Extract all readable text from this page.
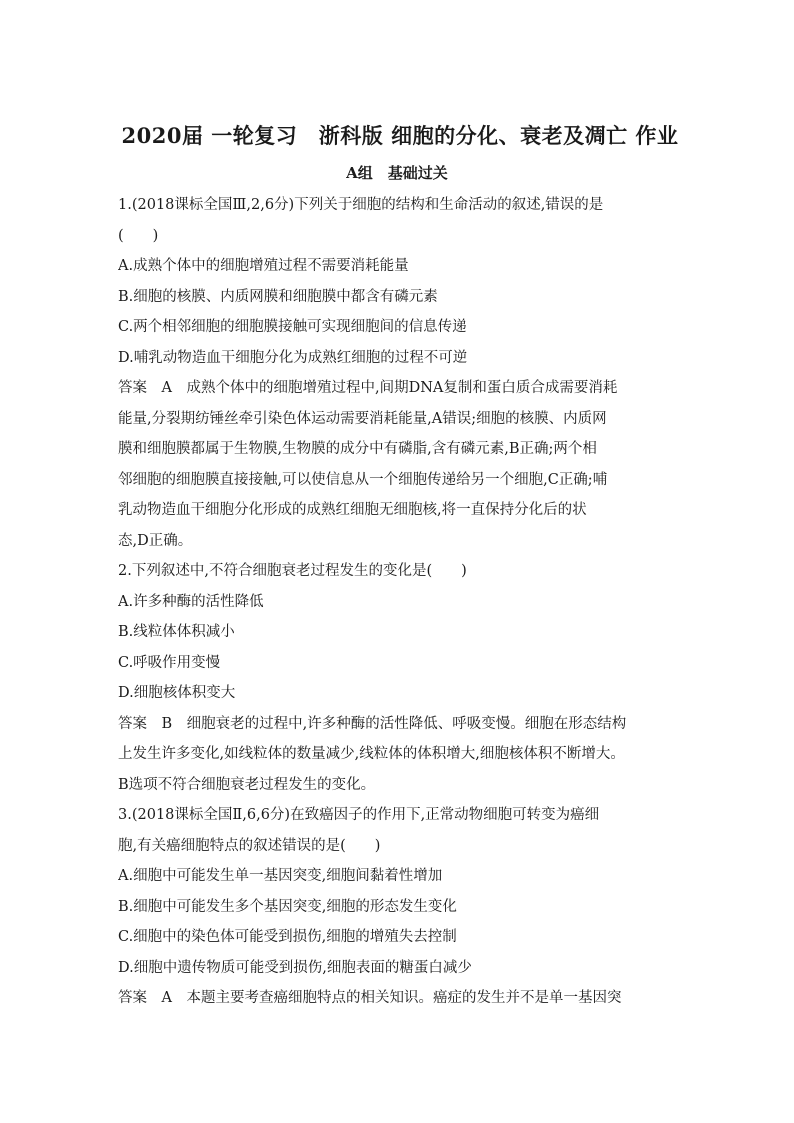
2020届 一轮复习　浙科版 细胞的分化、衰老及凋亡 作业
A组　基础过关
1.(2018课标全国Ⅲ,2,6分)下列关于细胞的结构和生命活动的叙述,错误的是
(　　)
A.成熟个体中的细胞增殖过程不需要消耗能量
B.细胞的核膜、内质网膜和细胞膜中都含有磷元素
C.两个相邻细胞的细胞膜接触可实现细胞间的信息传递
D.哺乳动物造血干细胞分化为成熟红细胞的过程不可逆
答案　A　成熟个体中的细胞增殖过程中,间期DNA复制和蛋白质合成需要消耗
能量,分裂期纺锤丝牵引染色体运动需要消耗能量,A错误;细胞的核膜、内质网
膜和细胞膜都属于生物膜,生物膜的成分中有磷脂,含有磷元素,B正确;两个相
邻细胞的细胞膜直接接触,可以使信息从一个细胞传递给另一个细胞,C正确;哺
乳动物造血干细胞分化形成的成熟红细胞无细胞核,将一直保持分化后的状
态,D正确。
2.下列叙述中,不符合细胞衰老过程发生的变化是(　　)
A.许多种酶的活性降低
B.线粒体体积减小
C.呼吸作用变慢
D.细胞核体积变大
答案　B　细胞衰老的过程中,许多种酶的活性降低、呼吸变慢。细胞在形态结构
上发生许多变化,如线粒体的数量减少,线粒体的体积增大,细胞核体积不断增大。
B选项不符合细胞衰老过程发生的变化。
3.(2018课标全国Ⅱ,6,6分)在致癌因子的作用下,正常动物细胞可转变为癌细
胞,有关癌细胞特点的叙述错误的是(　　)
A.细胞中可能发生单一基因突变,细胞间黏着性增加
B.细胞中可能发生多个基因突变,细胞的形态发生变化
C.细胞中的染色体可能受到损伤,细胞的增殖失去控制
D.细胞中遗传物质可能受到损伤,细胞表面的糖蛋白减少
答案　A　本题主要考查癌细胞特点的相关知识。癌症的发生并不是单一基因突
